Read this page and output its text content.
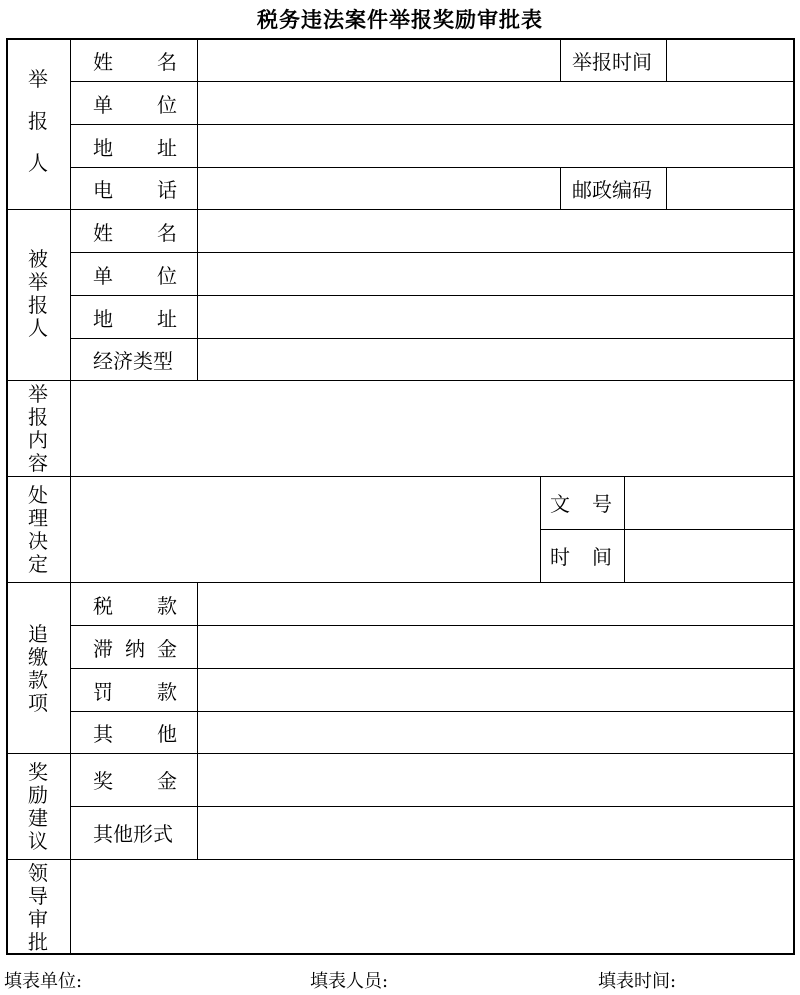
税务违法案件举报奖励审批表
举
报
人
姓 名	举报时间
单 位
地 址
电 话	邮政编码
被
举
报
人
姓 名
单 位
地 址
经济类型
举
报
内
容
处
理
决
定
文 号
时 间
追
缴
款
项
税 款
滞 纳 金
罚 款
其 他
奖
励
建
议
奖 金
其他形式
领
导
审
批
填表单位:	填表人员:	填表时间:
